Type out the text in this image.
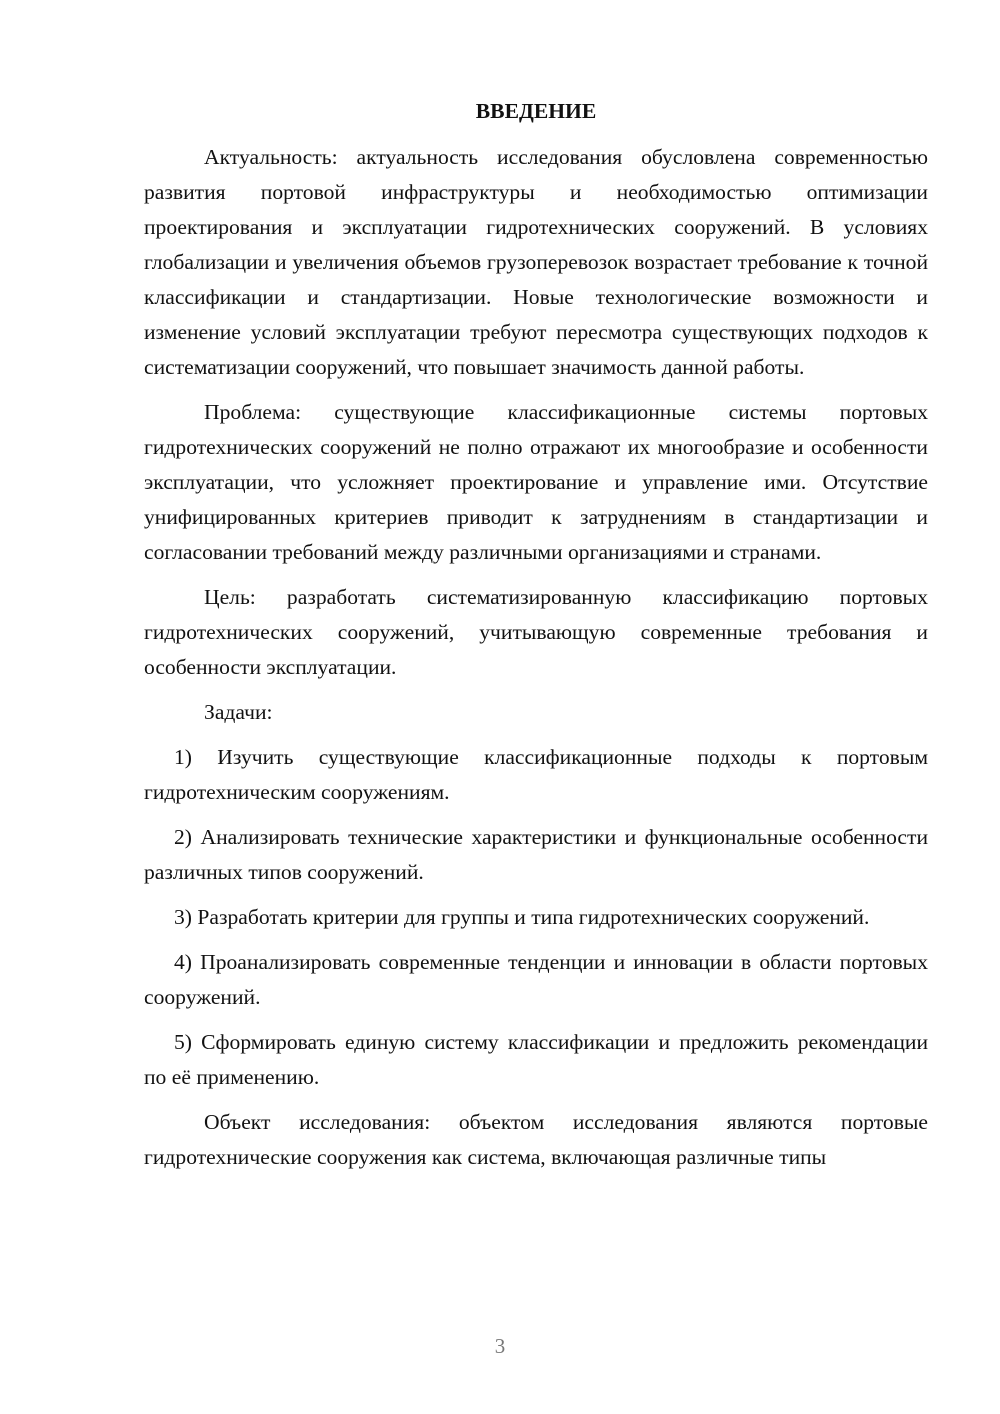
ВВЕДЕНИЕ

Актуальность: актуальность исследования обусловлена современностью развития портовой инфраструктуры и необходимостью оптимизации проектирования и эксплуатации гидротехнических сооружений. В условиях глобализации и увеличения объемов грузоперевозок возрастает требование к точной классификации и стандартизации. Новые технологические возможности и изменение условий эксплуатации требуют пересмотра существующих подходов к систематизации сооружений, что повышает значимость данной работы.

Проблема: существующие классификационные системы портовых гидротехнических сооружений не полно отражают их многообразие и особенности эксплуатации, что усложняет проектирование и управление ими. Отсутствие унифицированных критериев приводит к затруднениям в стандартизации и согласовании требований между различными организациями и странами.

Цель: разработать систематизированную классификацию портовых гидротехнических сооружений, учитывающую современные требования и особенности эксплуатации.

Задачи:

1) Изучить существующие классификационные подходы к портовым гидротехническим сооружениям.

2) Анализировать технические характеристики и функциональные особенности различных типов сооружений.

3) Разработать критерии для группы и типа гидротехнических сооружений.

4) Проанализировать современные тенденции и инновации в области портовых сооружений.

5) Сформировать единую систему классификации и предложить рекомендации по её применению.

Объект исследования: объектом исследования являются портовые гидротехнические сооружения как система, включающая различные типы

3
